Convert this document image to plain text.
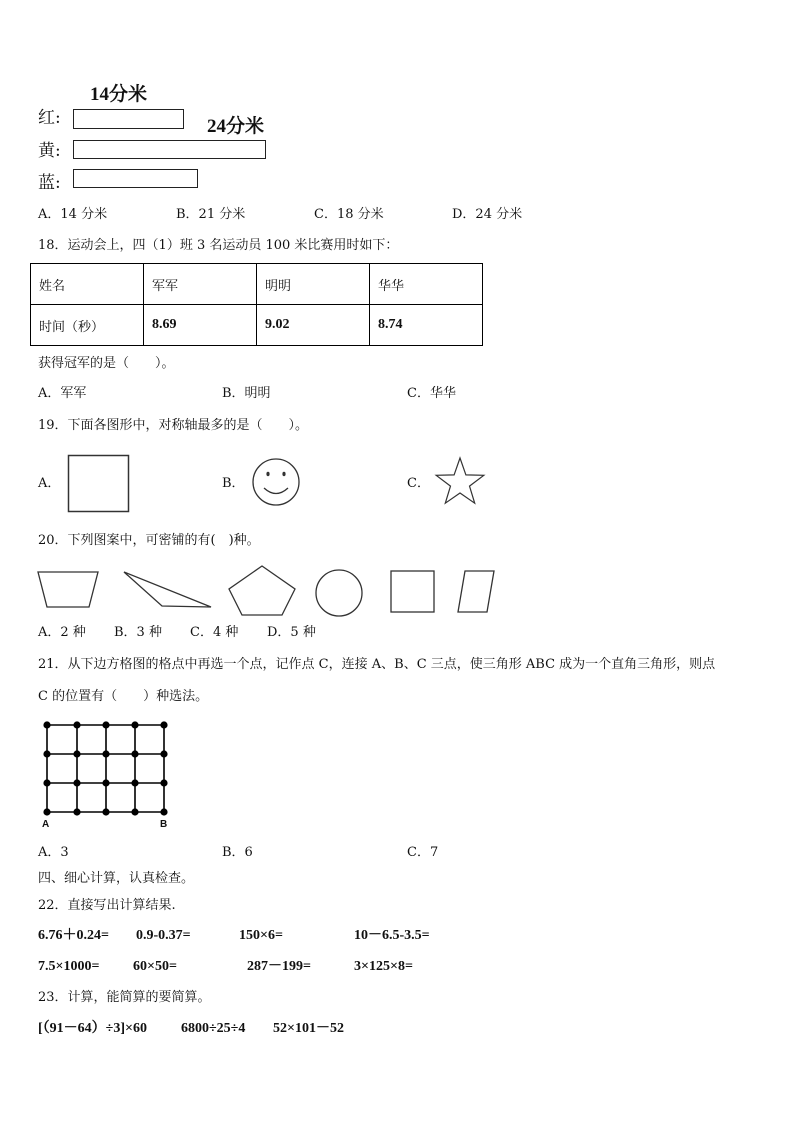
14分米
24分米
红:
黄:
蓝:
A．14 分米	B．21 分米	C．18 分米	D．24 分米
18．运动会上，四（1）班 3 名运动员 100 米比赛用时如下：
姓名	军军	明明	华华
时间（秒）	8.69	9.02	8.74
获得冠军的是（　　）。
A．军军	B．明明	C．华华
19．下面各图形中，对称轴最多的是（　　）。
A．	B．	C．
20．下列图案中，可密铺的有(　)种。
A．2 种 B．3 种 C．4 种 D．5 种
21．从下边方格图的格点中再选一个点，记作点 C，连接 A、B、C 三点，使三角形 ABC 成为一个直角三角形，则点
C 的位置有（　　）种选法。
A	B
A．3	B．6	C．7
四、细心计算，认真检查。
22．直接写出计算结果.
6.76＋0.24= 0.9-0.37=	150×6=	10－6.5-3.5=
7.5×1000= 60×50=	287－199=	3×125×8=
23．计算，能简算的要简算。
[（91－64）÷3]×60 6800÷25÷4 52×101－52
